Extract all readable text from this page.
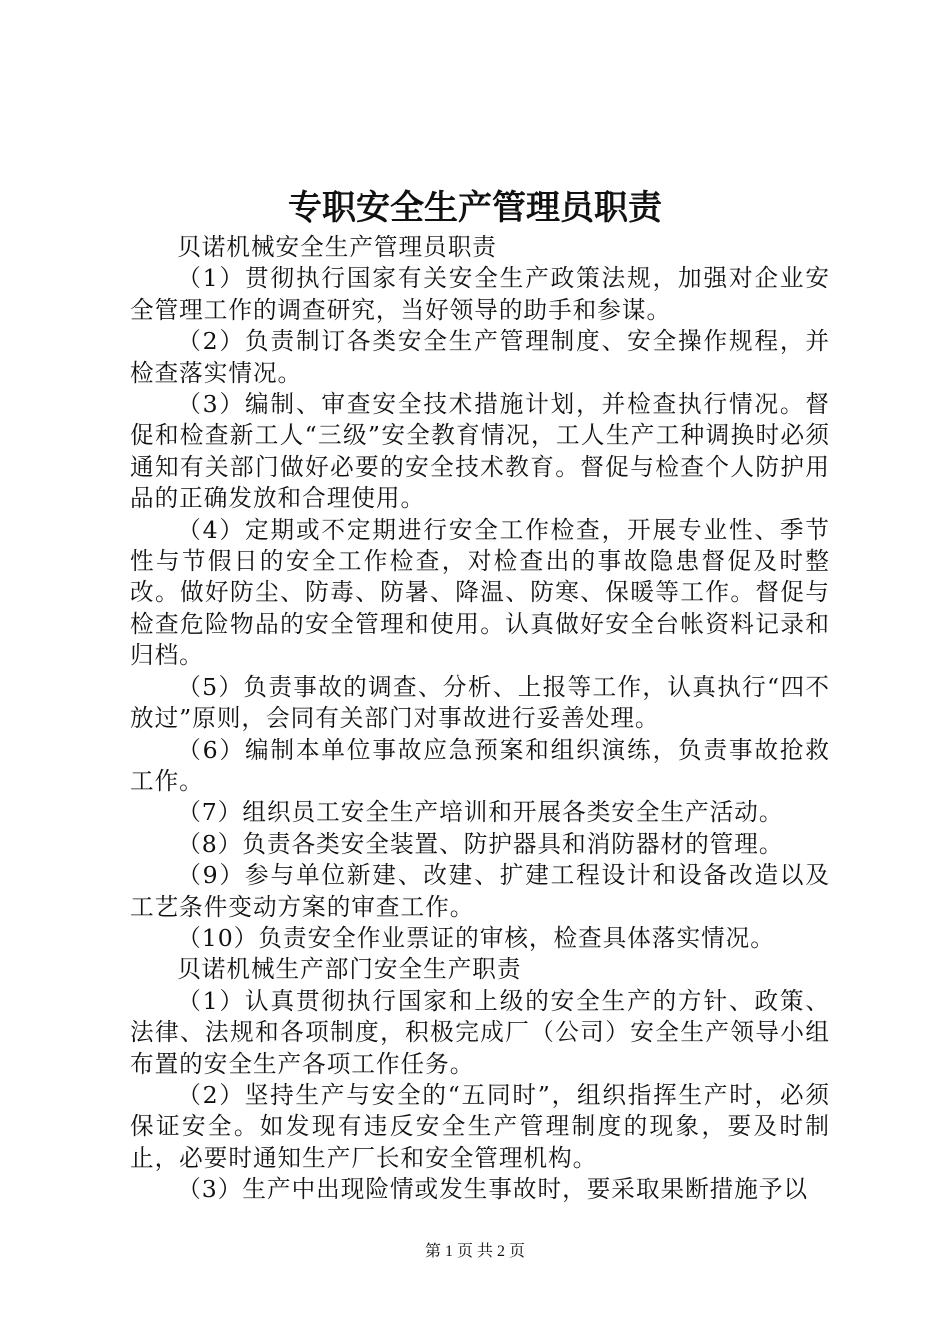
专职安全生产管理员职责

贝诺机械安全生产管理员职责

（1）贯彻执行国家有关安全生产政策法规，加强对企业安全管理工作的调查研究，当好领导的助手和参谋。

（2）负责制订各类安全生产管理制度、安全操作规程，并检查落实情况。

（3）编制、审查安全技术措施计划，并检查执行情况。督促和检查新工人“三级”安全教育情况，工人生产工种调换时必须通知有关部门做好必要的安全技术教育。督促与检查个人防护用品的正确发放和合理使用。

（4）定期或不定期进行安全工作检查，开展专业性、季节性与节假日的安全工作检查，对检查出的事故隐患督促及时整改。做好防尘、防毒、防暑、降温、防寒、保暖等工作。督促与检查危险物品的安全管理和使用。认真做好安全台帐资料记录和归档。

（5）负责事故的调查、分析、上报等工作，认真执行“四不放过”原则，会同有关部门对事故进行妥善处理。

（6）编制本单位事故应急预案和组织演练，负责事故抢救工作。

（7）组织员工安全生产培训和开展各类安全生产活动。

（8）负责各类安全装置、防护器具和消防器材的管理。

（9）参与单位新建、改建、扩建工程设计和设备改造以及工艺条件变动方案的审查工作。

（10）负责安全作业票证的审核，检查具体落实情况。

贝诺机械生产部门安全生产职责

（1）认真贯彻执行国家和上级的安全生产的方针、政策、法律、法规和各项制度，积极完成厂（公司）安全生产领导小组布置的安全生产各项工作任务。

（2）坚持生产与安全的“五同时”，组织指挥生产时，必须保证安全。如发现有违反安全生产管理制度的现象，要及时制止，必要时通知生产厂长和安全管理机构。

（3）生产中出现险情或发生事故时，要采取果断措施予以

第 1 页 共 2 页
